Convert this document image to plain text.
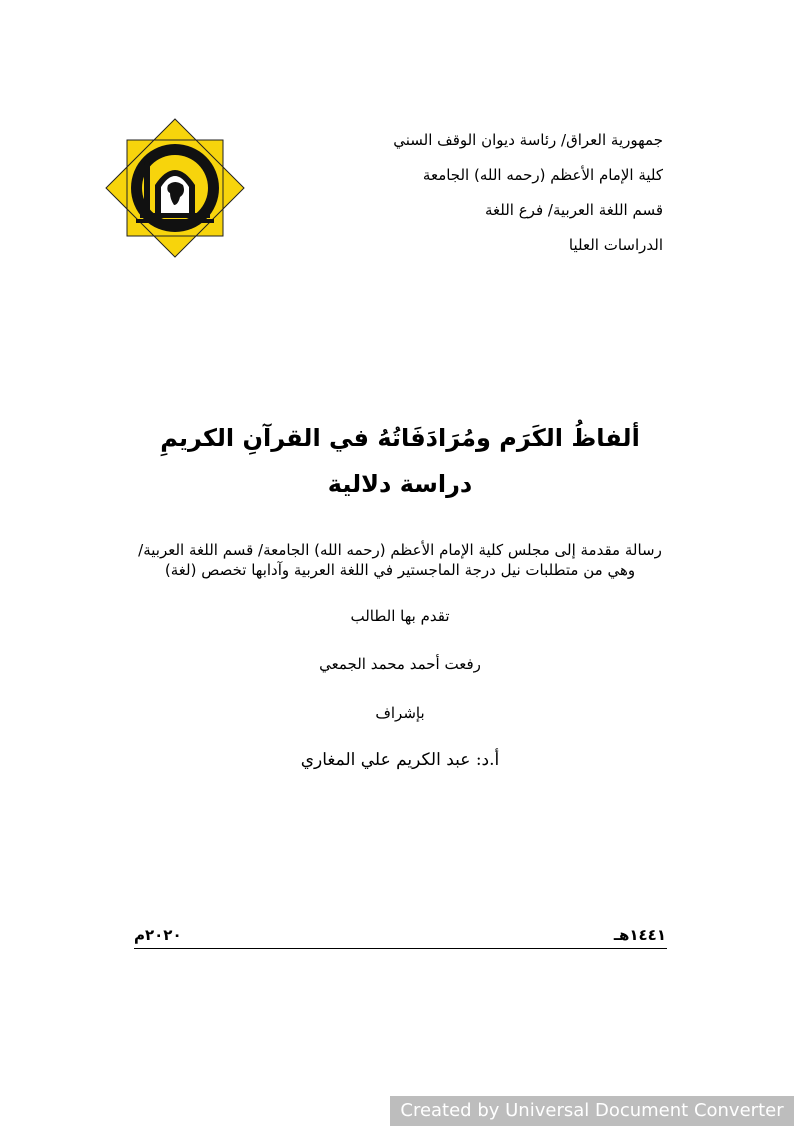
جمهورية العراق/ رئاسة ديوان الوقف السني
كلية الإمام الأعظم (رحمه الله) الجامعة
قسم اللغة العربية/ فرع اللغة
الدراسات العليا
ألفاظُ الكَرَم ومُرَادَفَاتُهُ في القرآنِ الكريمِ
دراسة دلالية
رسالة مقدمة إلى مجلس كلية الإمام الأعظم (رحمه الله) الجامعة/ قسم اللغة العربية/
وهي من متطلبات نيل درجة الماجستير في اللغة العربية وآدابها تخصص (لغة)
تقدم بها الطالب
رفعت أحمد محمد الجمعي
بإشراف
أ.د: عبد الكريم علي المغاري
١٤٤١هـ
٢٠٢٠م
Created by Universal Document Converter
